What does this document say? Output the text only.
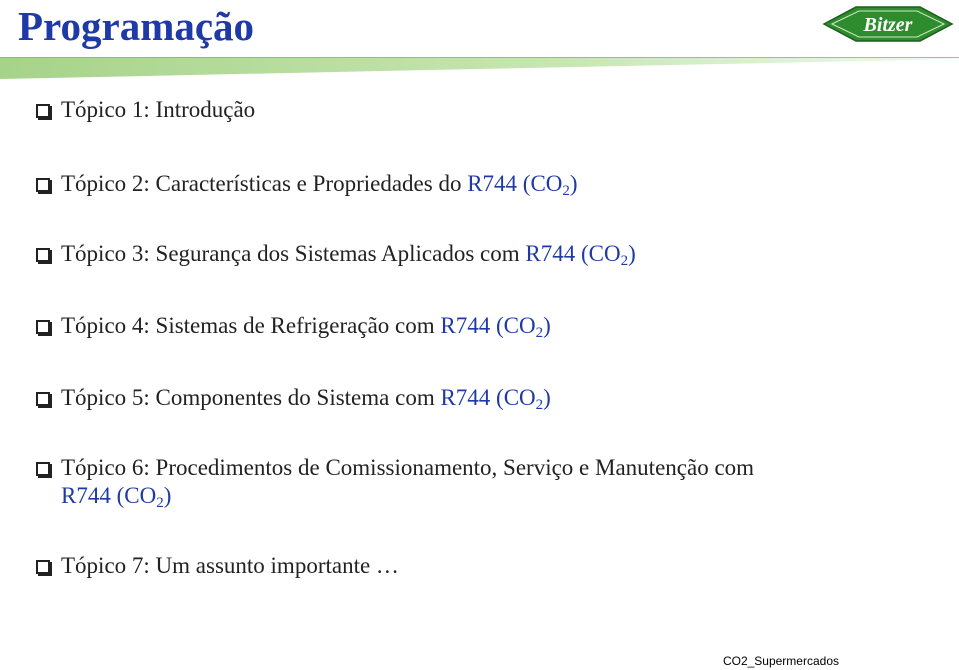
Programação	Bitzer
Tópico 1: Introdução
Tópico 2: Características e Propriedades do R744 $(CO_2)$
Tópico 3: Segurança dos Sistemas Aplicados com R744 $(CO_2)$
Tópico 4: Sistemas de Refrigeração com R744 $(CO_2)$
Tópico 5: Componentes do Sistema com R744 $(CO_2)$
Tópico 6: Procedimentos de Comissionamento, Serviço e Manutenção com
R744 $(CO_2)$
Tópico 7: Um assunto importante …
CO2_Supermercados
